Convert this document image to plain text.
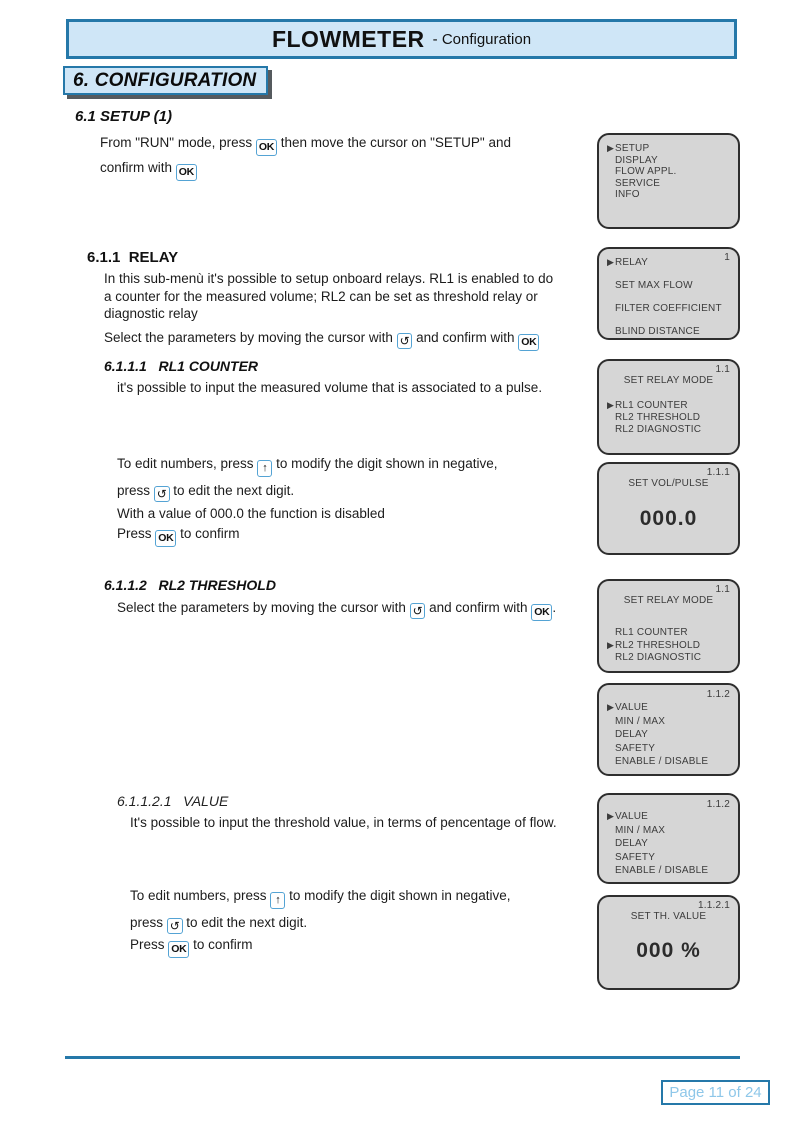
FLOWMETER - Configuration
6. CONFIGURATION
6.1 SETUP (1)
From "RUN" mode, press OK then move the cursor on "SETUP" and
confirm with OK
▶SETUP
DISPLAY
FLOW APPL.
SERVICE
INFO
6.1.1  RELAY
In this sub-menù it's possible to setup onboard relays. RL1 is enabled to do
a counter for the measured volume; RL2 can be set as threshold relay or
diagnostic relay
Select the parameters by moving the cursor with ↺ and confirm with OK
1
▶RELAY
SET MAX FLOW
FILTER COEFFICIENT
BLIND DISTANCE
6.1.1.1   RL1 COUNTER
it's possible to input the measured volume that is associated to a pulse.
1.1
SET RELAY MODE
▶RL1 COUNTER
RL2 THRESHOLD
RL2 DIAGNOSTIC
To edit numbers, press ↑ to modify the digit shown in negative,
press ↺ to edit the next digit.
With a value of 000.0 the function is disabled
Press OK to confirm
1.1.1
SET VOL/PULSE
000.0
6.1.1.2   RL2 THRESHOLD
Select the parameters by moving the cursor with ↺ and confirm with OK .
1.1
SET RELAY MODE
RL1 COUNTER
▶RL2 THRESHOLD
RL2 DIAGNOSTIC
1.1.2
▶VALUE
MIN / MAX
DELAY
SAFETY
ENABLE / DISABLE
6.1.1.2.1   VALUE
It's possible to input the threshold value, in terms of pencentage of flow.
1.1.2
▶VALUE
MIN / MAX
DELAY
SAFETY
ENABLE / DISABLE
To edit numbers, press ↑ to modify the digit shown in negative,
press ↺ to edit the next digit.
Press OK to confirm
1.1.2.1
SET TH. VALUE
000 %
Page 11 of 24
